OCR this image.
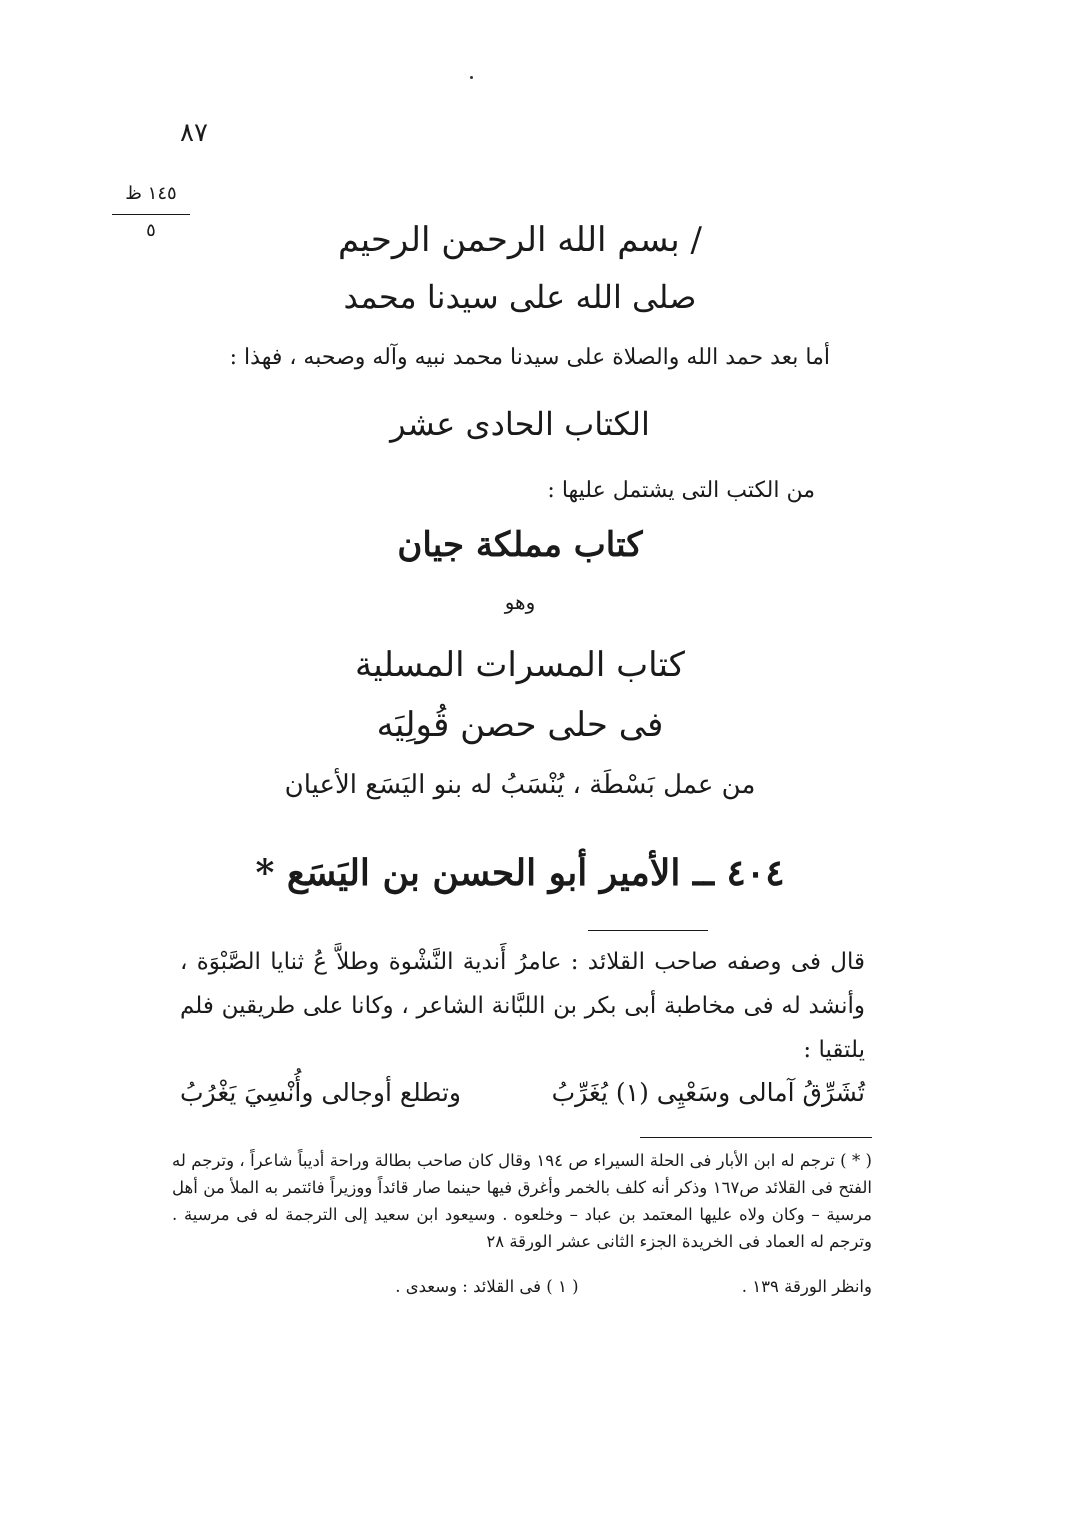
٨٧
١٤٥ ظ
٥	/ بسم الله الرحمن الرحيم
صلى الله على سيدنا محمد
أما بعد حمد الله والصلاة على سيدنا محمد نبيه وآله وصحبه ، فهذا :
الكتاب الحادى عشر
من الكتب التى يشتمل عليها :
كتاب مملكة جيان
وهو
كتاب المسرات المسلية
فى حلى حصن قُولِيَه
من عمل بَسْطَة ، يُنْسَبُ له بنو اليَسَع الأعيان
٤٠٤ ــ الأمير أبو الحسن بن اليَسَع *
قال فى وصفه صاحب القلائد : عامرُ أَندية النَّشْوة وطلاَّ عُ ثنايا الصَّبْوَة ، وأنشد له فى مخاطبة أبى بكر بن اللبَّانة الشاعر ، وكانا على طريقين فلم يلتقيا :
تُشَرِّقُ آمالى وسَعْيِى (١) يُغَرِّبُ
وتطلع أوجالى وأُنْسِيَ يَغْرُبُ
( * ) ترجم له ابن الأبار فى الحلة السيراء ص ١٩٤ وقال كان صاحب بطالة وراحة أديباً شاعراً ، وترجم له الفتح فى القلائد ص١٦٧ وذكر أنه كلف بالخمر وأغرق فيها حينما صار قائداً ووزيراً فائتمر به الملأ من أهل مرسية – وكان ولاه عليها المعتمد بن عباد – وخلعوه . وسيعود ابن سعيد إلى الترجمة له فى مرسية . وترجم له العماد فى الخريدة الجزء الثانى عشر الورقة ٢٨
وانظر الورقة ١٣٩ .
( ١ ) فى القلائد : وسعدى .
